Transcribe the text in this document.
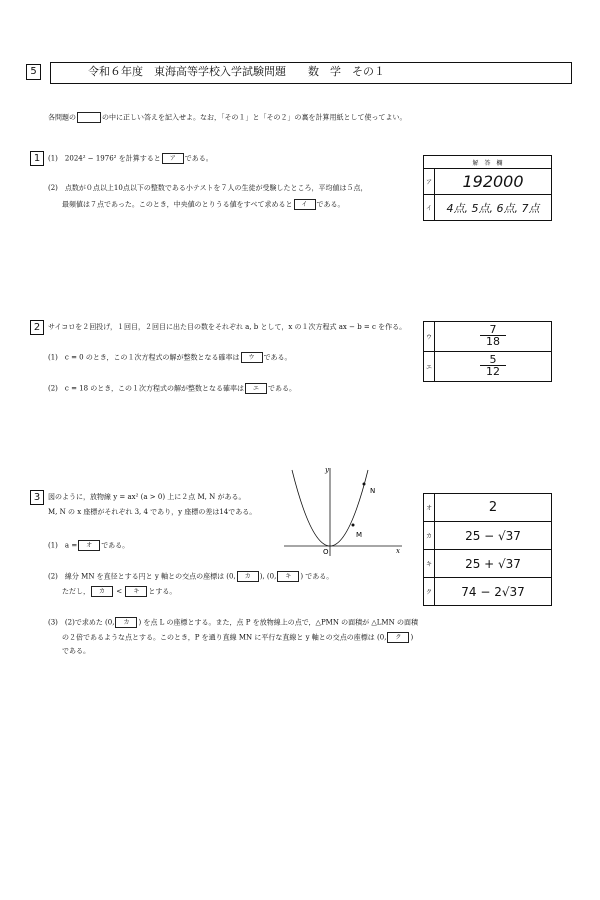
5	令和６年度　東海高等学校入学試験問題　　数　学　その１
各問題の	の中に正しい答えを記入せよ。なお，「その１」と「その２」の裏を計算用紙として使ってよい。
1	(1)　 2024² − 1976² を計算すると ア である。
(2)　 点数が０点以上10点以下の整数である小テストを７人の生徒が受験したところ，平均値は５点，
最頻値は７点であった。このとき，中央値のとりうる値をすべて求めると イ である。
解　答　欄	
ア	192000
イ	4点, 5点, 6点, 7点
2	サイコロを２回投げ，１回目，２回目に出た目の数をそれぞれ a, b として，x の１次方程式 ax − b = c を作る。
(1)　 c = 0 のとき，この１次方程式の解が整数となる確率は ウ である。
(2)　 c = 18 のとき，この１次方程式の解が整数となる確率は エ である。
ウ	$\frac{7}{18}$

エ	$\frac{5}{12}$
3	図のように，放物線 y = ax² (a > 0) 上に２点 M, N がある。
M, N の x 座標がそれぞれ 3, 4 であり，y 座標の差は14である。
(1)　 a = オ である。
(2)　 線分 MN を直径とする円と y 軸との交点の座標は (0, カ ), (0, キ ) である。
ただし， カ < キ とする。
(3)　 (2)で求めた (0, カ ) を点 L の座標とする。また，点 P を放物線上の点で，△PMN の面積が △LMN の面積
の２倍であるような点とする。このとき，P を通り直線 MN に平行な直線と y 軸との交点の座標は (0, ク )
である。
y
x
O
M
N
オ	2
カ	25 − √37
キ	25 + √37
ク	74 − 2√37
